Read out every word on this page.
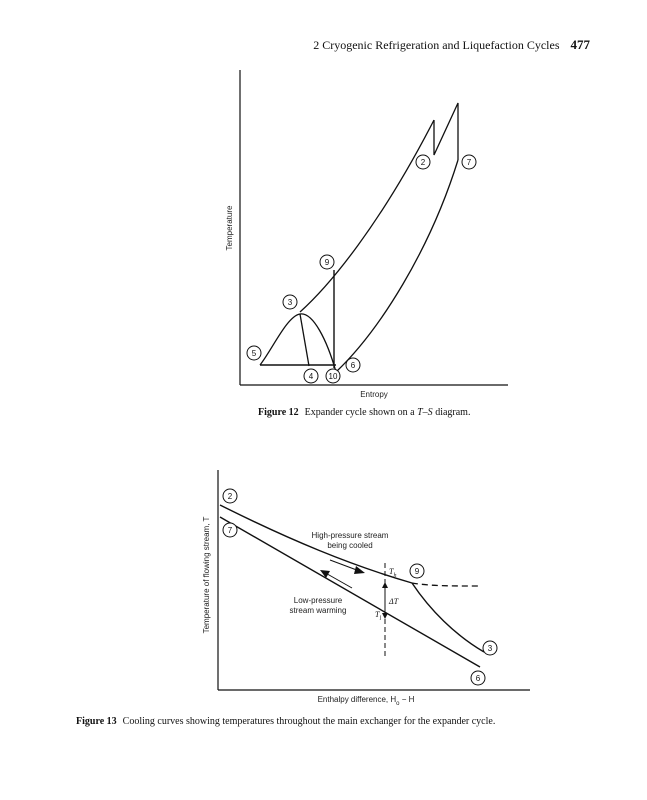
2 Cryogenic Refrigeration and Liquefaction Cycles 477
2	7
9
3
5
6
4 10
Temperature
Entropy
Figure 12 Expander cycle shown on a T–S diagram.
2
7
9
3
6
High-pressure stream
being cooled
Low-pressure
stream warming
$T_h$
ΔT
$T_l$
Temperature of flowing stream, T
Enthalpy difference, $H_o - H$
Figure 13 Cooling curves showing temperatures throughout the main exchanger for the expander cycle.
